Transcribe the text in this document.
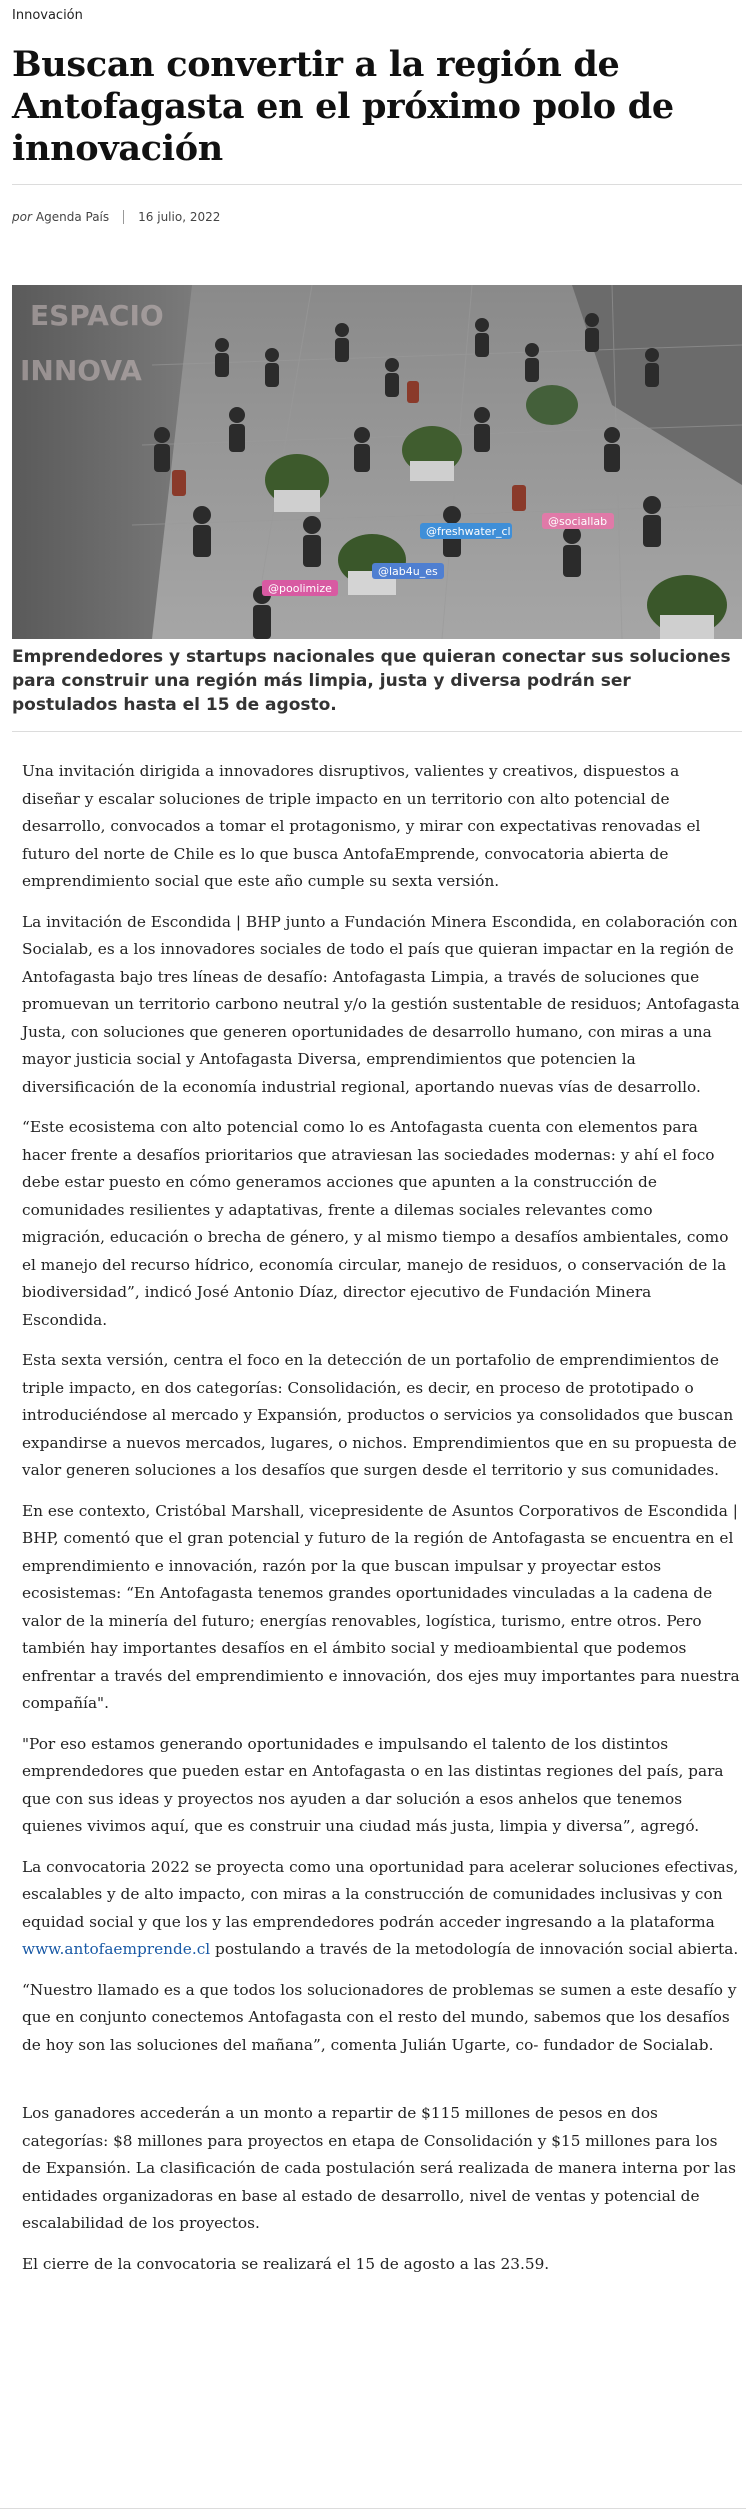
Innovación
Buscan convertir a la región de Antofagasta en el próximo polo de innovación
por Agenda País 16 julio, 2022
ESPACIO
INNOVA
@poolimize
@lab4u_es
@freshwater_cl
@sociallab
Emprendedores y startups nacionales que quieran conectar sus soluciones para construir una región más limpia, justa y diversa podrán ser postulados hasta el 15 de agosto.

Una invitación dirigida a innovadores disruptivos, valientes y creativos, dispuestos a diseñar y escalar soluciones de triple impacto en un territorio con alto potencial de desarrollo, convocados a tomar el protagonismo, y mirar con expectativas renovadas el futuro del norte de Chile es lo que busca AntofaEmprende, convocatoria abierta de emprendimiento social que este año cumple su sexta versión.

La invitación de Escondida | BHP junto a Fundación Minera Escondida, en colaboración con Socialab, es a los innovadores sociales de todo el país que quieran impactar en la región de Antofagasta bajo tres líneas de desafío: Antofagasta Limpia, a través de soluciones que promuevan un territorio carbono neutral y/o la gestión sustentable de residuos; Antofagasta Justa, con soluciones que generen oportunidades de desarrollo humano, con miras a una mayor justicia social y Antofagasta Diversa, emprendimientos que potencien la diversificación de la economía industrial regional, aportando nuevas vías de desarrollo.

“Este ecosistema con alto potencial como lo es Antofagasta cuenta con elementos para hacer frente a desafíos prioritarios que atraviesan las sociedades modernas: y ahí el foco debe estar puesto en cómo generamos acciones que apunten a la construcción de comunidades resilientes y adaptativas, frente a dilemas sociales relevantes como migración, educación o brecha de género, y al mismo tiempo a desafíos ambientales, como el manejo del recurso hídrico, economía circular, manejo de residuos, o conservación de la biodiversidad”, indicó José Antonio Díaz, director ejecutivo de Fundación Minera Escondida.

Esta sexta versión, centra el foco en la detección de un portafolio de emprendimientos de triple impacto, en dos categorías: Consolidación, es decir, en proceso de prototipado o introduciéndose al mercado y Expansión, productos o servicios ya consolidados que buscan expandirse a nuevos mercados, lugares, o nichos. Emprendimientos que en su propuesta de valor generen soluciones a los desafíos que surgen desde el territorio y sus comunidades.

En ese contexto, Cristóbal Marshall, vicepresidente de Asuntos Corporativos de Escondida | BHP, comentó que el gran potencial y futuro de la región de Antofagasta se encuentra en el emprendimiento e innovación, razón por la que buscan impulsar y proyectar estos ecosistemas: “En Antofagasta tenemos grandes oportunidades vinculadas a la cadena de valor de la minería del futuro; energías renovables, logística, turismo, entre otros. Pero también hay importantes desafíos en el ámbito social y medioambiental que podemos enfrentar a través del emprendimiento e innovación, dos ejes muy importantes para nuestra compañía".

"Por eso estamos generando oportunidades e impulsando el talento de los distintos emprendedores que pueden estar en Antofagasta o en las distintas regiones del país, para que con sus ideas y proyectos nos ayuden a dar solución a esos anhelos que tenemos quienes vivimos aquí, que es construir una ciudad más justa, limpia y diversa”, agregó.

La convocatoria 2022 se proyecta como una oportunidad para acelerar soluciones efectivas, escalables y de alto impacto, con miras a la construcción de comunidades inclusivas y con equidad social y que los y las emprendedores podrán acceder ingresando a la plataforma www.antofaemprende.cl postulando a través de la metodología de innovación social abierta.

“Nuestro llamado es a que todos los solucionadores de problemas se sumen a este desafío y que en conjunto conectemos Antofagasta con el resto del mundo, sabemos que los desafíos de hoy son las soluciones del mañana”, comenta Julián Ugarte, co- fundador de Socialab.

Los ganadores accederán a un monto a repartir de $115 millones de pesos en dos categorías: $8 millones para proyectos en etapa de Consolidación y $15 millones para los de Expansión. La clasificación de cada postulación será realizada de manera interna por las entidades organizadoras en base al estado de desarrollo, nivel de ventas y potencial de escalabilidad de los proyectos.

El cierre de la convocatoria se realizará el 15 de agosto a las 23.59.
